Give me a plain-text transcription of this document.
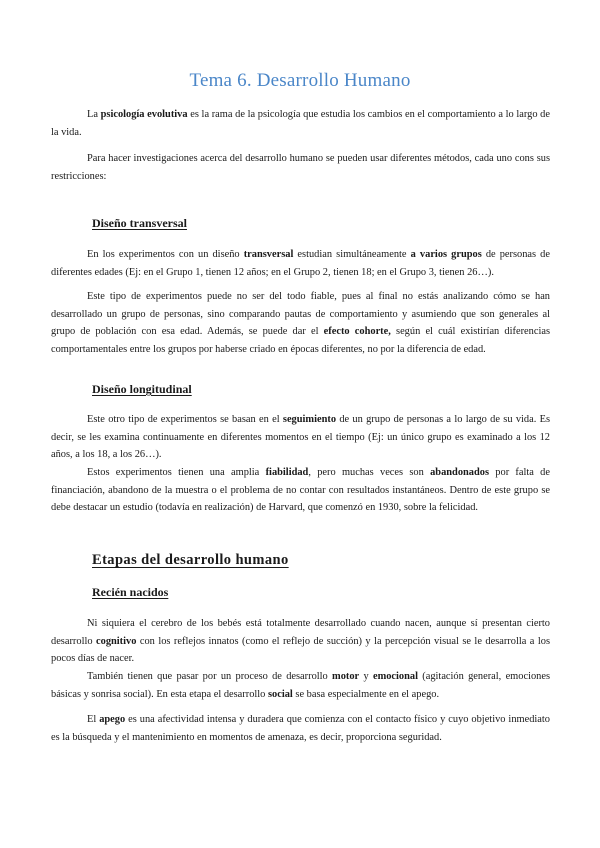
Tema 6. Desarrollo Humano

La psicología evolutiva es la rama de la psicología que estudia los cambios en el comportamiento a lo largo de la vida.

Para hacer investigaciones acerca del desarrollo humano se pueden usar diferentes métodos, cada uno cons sus restricciones:

Diseño transversal

En los experimentos con un diseño transversal estudian simultáneamente a varios grupos de personas de diferentes edades (Ej: en el Grupo 1, tienen 12 años; en el Grupo 2, tienen 18; en el Grupo 3, tienen 26…).

Este tipo de experimentos puede no ser del todo fiable, pues al final no estás analizando cómo se han desarrollado un grupo de personas, sino comparando pautas de comportamiento y asumiendo que son generales al grupo de población con esa edad. Además, se puede dar el efecto cohorte, según el cuál existirían diferencias comportamentales entre los grupos por haberse criado en épocas diferentes, no por la diferencia de edad.

Diseño longitudinal

Este otro tipo de experimentos se basan en el seguimiento de un grupo de personas a lo largo de su vida. Es decir, se les examina continuamente en diferentes momentos en el tiempo (Ej: un único grupo es examinado a los 12 años, a los 18, a los 26…).

Estos experimentos tienen una amplia fiabilidad, pero muchas veces son abandonados por falta de financiación, abandono de la muestra o el problema de no contar con resultados instantáneos. Dentro de este grupo se debe destacar un estudio (todavía en realización) de Harvard, que comenzó en 1930, sobre la felicidad.

Etapas del desarrollo humano
Recién nacidos

Ni siquiera el cerebro de los bebés está totalmente desarrollado cuando nacen, aunque sí presentan cierto desarrollo cognitivo con los reflejos innatos (como el reflejo de succión) y la percepción visual se le desarrolla a los pocos días de nacer.

También tienen que pasar por un proceso de desarrollo motor y emocional (agitación general, emociones básicas y sonrisa social). En esta etapa el desarrollo social se basa especialmente en el apego.

El apego es una afectividad intensa y duradera que comienza con el contacto físico y cuyo objetivo inmediato es la búsqueda y el mantenimiento en momentos de amenaza, es decir, proporciona seguridad.
